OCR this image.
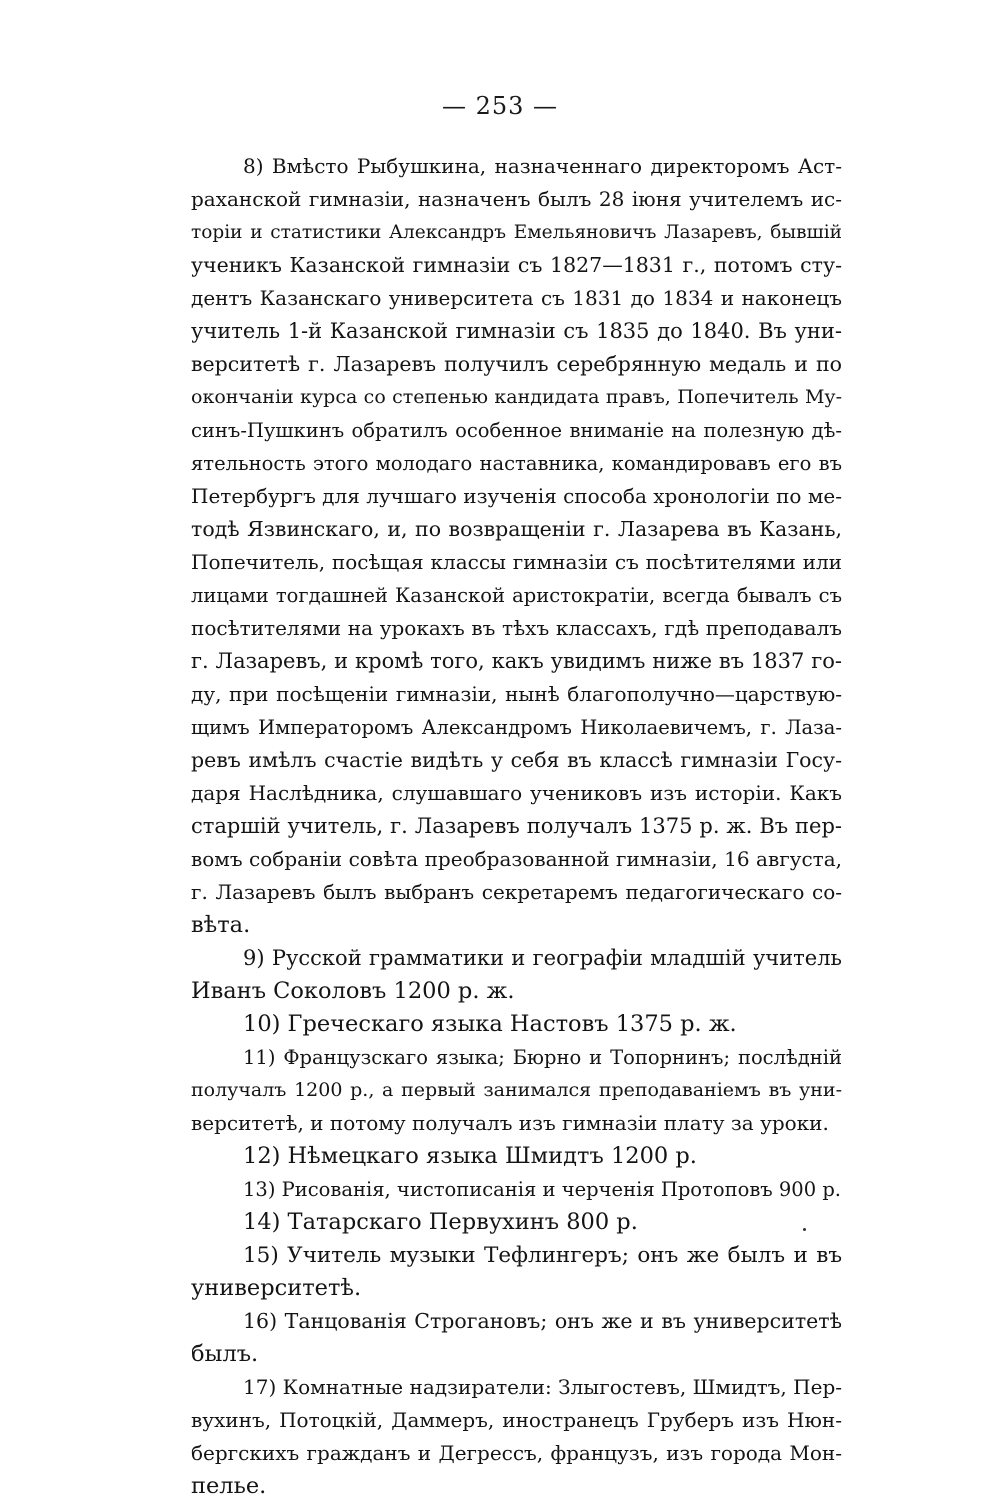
— 253 —
8) Вмѣсто Рыбушкина, назначеннаго директоромъ Аст-
раханской гимназіи, назначенъ былъ 28 іюня учителемъ ис-
торіи и статистики Александръ Емельяновичъ Лазаревъ, бывшій
ученикъ Казанской гимназіи съ 1827—1831 г., потомъ сту-
дентъ Казанскаго университета съ 1831 до 1834 и наконецъ
учитель 1-й Казанской гимназіи съ 1835 до 1840. Въ уни-
верситетѣ г. Лазаревъ получилъ серебрянную медаль и по
окончаніи курса со степенью кандидата правъ, Попечитель Му-
синъ-Пушкинъ обратилъ особенное вниманіе на полезную дѣ-
ятельность этого молодаго наставника, командировавъ его въ
Петербургъ для лучшаго изученія способа хронологіи по ме-
тодѣ Язвинскаго, и, по возвращеніи г. Лазарева въ Казань,
Попечитель, посѣщая классы гимназіи съ посѣтителями или
лицами тогдашней Казанской аристократіи, всегда бывалъ съ
посѣтителями на урокахъ въ тѣхъ классахъ, гдѣ преподавалъ
г. Лазаревъ, и кромѣ того, какъ увидимъ ниже въ 1837 го-
ду, при посѣщеніи гимназіи, нынѣ благополучно—царствую-
щимъ Императоромъ Александромъ Николаевичемъ, г. Лаза-
ревъ имѣлъ счастіе видѣть у себя въ классѣ гимназіи Госу-
даря Наслѣдника, слушавшаго учениковъ изъ исторіи. Какъ
старшій учитель, г. Лазаревъ получалъ 1375 р. ж. Въ пер-
вомъ собраніи совѣта преобразованной гимназіи, 16 августа,
г. Лазаревъ былъ выбранъ секретаремъ педагогическаго со-
вѣта.
9) Русской грамматики и географіи младшій учитель
Иванъ Соколовъ 1200 р. ж.
10) Греческаго языка Настовъ 1375 р. ж.
11) Французскаго языка; Бюрно и Топорнинъ; послѣдній
получалъ 1200 р., а первый занимался преподаваніемъ въ уни-
верситетѣ, и потому получалъ изъ гимназіи плату за уроки.
12) Нѣмецкаго языка Шмидтъ 1200 р.
13) Рисованія, чистописанія и черченія Протоповъ 900 р.
14) Татарскаго Первухинъ 800 р.
15) Учитель музыки Тефлингеръ; онъ же былъ и въ
университетѣ.
16) Танцованія Строгановъ; онъ же и въ университетѣ
былъ.
17) Комнатные надзиратели: Злыгостевъ, Шмидтъ, Пер-
вухинъ, Потоцкій, Даммеръ, иностранецъ Груберъ изъ Нюн-
бергскихъ гражданъ и Дегрессъ, французъ, изъ города Мон-
пелье.
